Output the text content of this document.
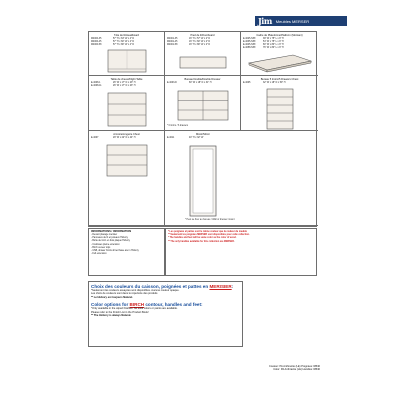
Jim Meubles MERSER
Tête de lit/Headboard
M4000-35	57" H x 63" W x 4" D
M4000-45	57" H x 60" W x 4" D
M4000-58	57" H x 80" W x 4" D
Pied de lit/Footboard
M4001-35	16" H x 57" W x 2" D
M4001-45	16" H x 60" W x 2" D
M4001-58	16" H x 80" W x 2" D
Cadre de Plateforme/Platform (Montant)
E-4025-SPF	39" W x 75" L x 9" H
E-4035-SPF	54" W x 75" L x 9" H
E-4045-SPF	60" W x 80" L x 9" H
E-4058-SPF	76" W x 80" L x 9" H
Table de chevet/Night Table
E-4008-1	26" W x 17" D x 23" H
E-4008-11	26" W x 17" D x 23" H
Bureau Double/Double Dresser
E-4003-D	60" W x 18" D x 31" H
* 6 tiroirs / 6 drawers
Bureau 5 tiroirs/5 Drawers Chest
E-4005	32" W x 18" D x 50" H
Armoire/Lingerie Chest
E-4007	29" W x 22" D x 44" H
Miroir/Mirror
E-4011	40" H x 32" W
* Peut se fixer au bureau / Wall or dresser mount
INFORMATIONS / INFORMATION
- Devant placage merisier
- Panneaux de lit et poteaux Hickory
- Boîte de tiroir en bois plaqué Hickory
- Coulisses pleine extension
- Birch veneer tops
- USB, drawer fronts & bed base are in Hickory
- Full extension
* Les poignées et pattes sont le même couleur que la couleur du meuble
** Seulement les poignées MERSER sont disponibles pour cette collection.
* The handles and feet will be same color as the color of wood.
** The only handles available for this collection are MERSER.
Choix des couleurs du caisson, poignées et pattes en MERISIER:
*Seulement les couleurs essayées sont disponibles. Aucune couleur opaque.
Les choix de couleurs sont dans le répertoire des produits
** Le Hickory est toujours Naturel.
Color options for BIRCH contour, handles and feet:
*Only available in the wiped finishes. No solid colors or paints are available.
Please refer to the Finish List in the Product Book!
** The Hickory is always Natural.
Couleur: PA Anthracite (LE) Poignées: RB40
Color: PA Anthracite (LE) Handles: RB40
